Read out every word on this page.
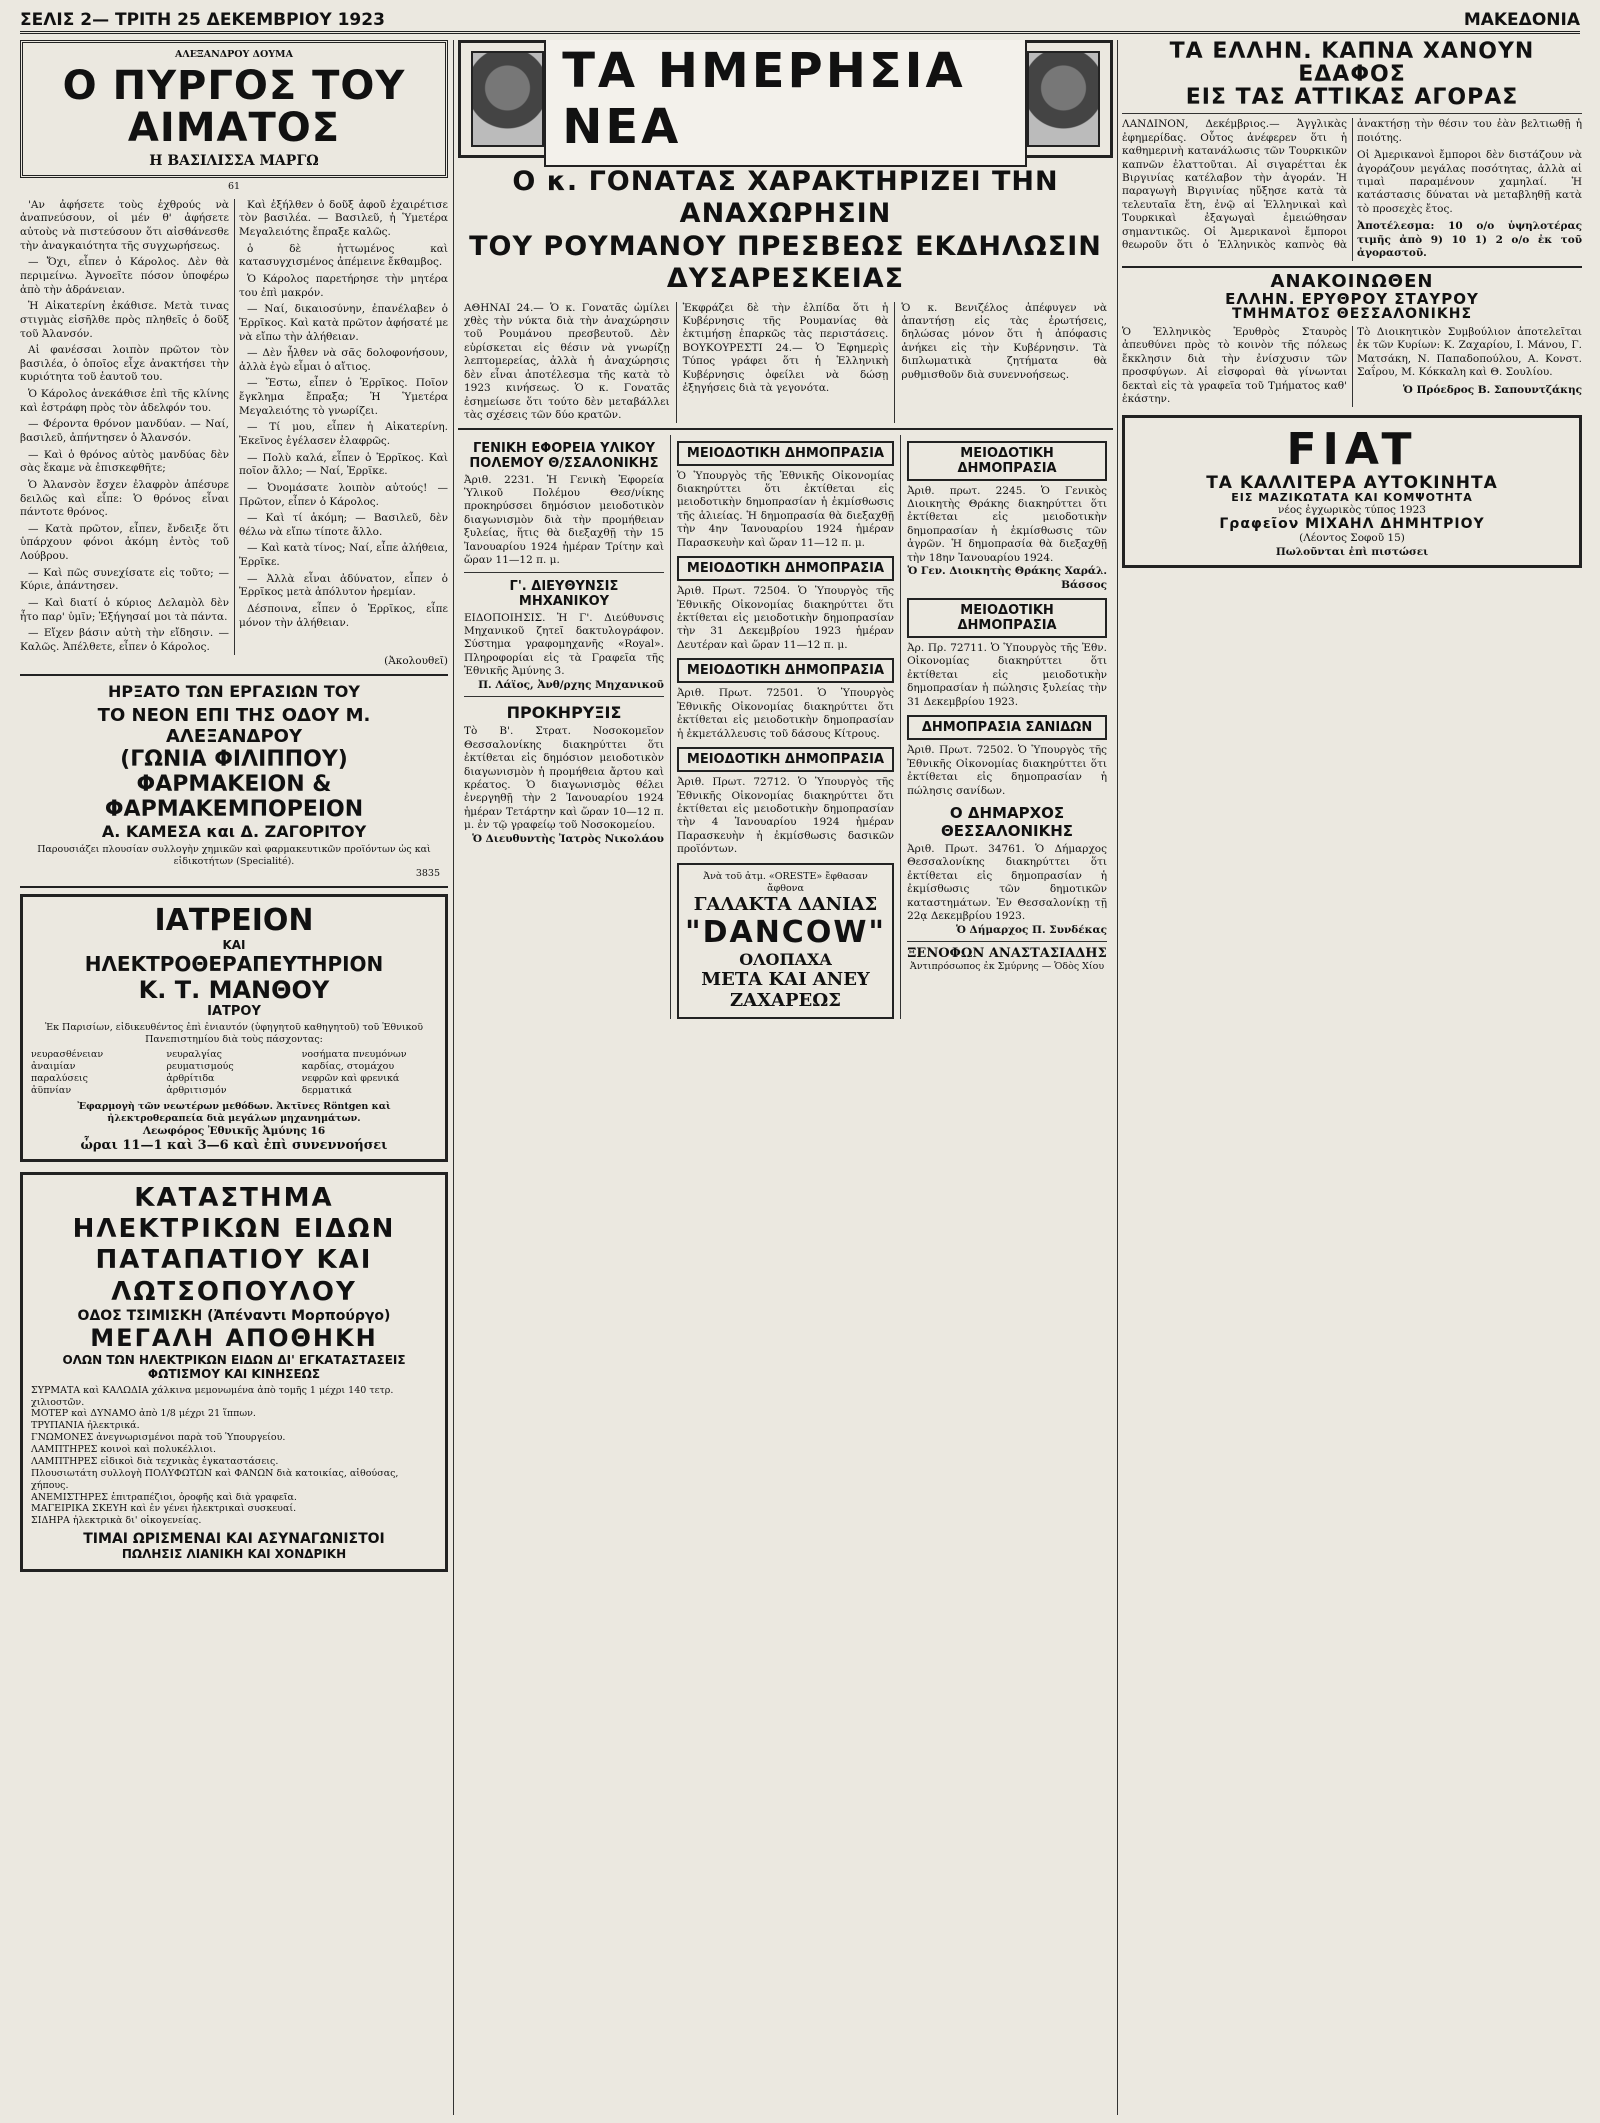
ΣΕΛΙΣ 2— ΤΡΙΤΗ 25 ΔΕΚΕΜΒΡΙΟΥ 1923	ΜΑΚΕΔΟΝΙΑ
ΑΛΕΞΑΝΔΡΟΥ ΔΟΥΜΑ
Ο ΠΥΡΓΟΣ ΤΟΥ ΑΙΜΑΤΟΣ
Η ΒΑΣΙΛΙΣΣΑ ΜΑΡΓΩ
61

'Αν ἀφήσετε τοὺς ἐχθρούς νὰ ἀναπνεύσουν, οἱ μέν θ' ἀφήσετε αὐτοὺς νὰ πιστεύσουν ὅτι αἰσθάνεσθε τὴν ἀναγκαιότητα τῆς συγχωρήσεως.

— Ὄχι, εἶπεν ὁ Κάρολος. Δὲν θὰ περιμείνω. Ἀγνοεῖτε πόσον ὑποφέρω ἀπὸ τὴν ἀδράνειαν.

Ἡ Αἰκατερίνη ἐκάθισε. Μετὰ τινας στιγμὰς εἰσῆλθε πρὸς πληθεῖς ὁ δοῦξ τοῦ Ἀλανσόν.

Αἱ φανέσσαι λοιπὸν πρῶτον τὸν βασιλέα, ὁ ὁποῖος εἶχε ἀνακτήσει τὴν κυριότητα τοῦ ἑαυτοῦ του.

Ὁ Κάρολος ἀνεκάθισε ἐπὶ τῆς κλίνης καὶ ἐστράφη πρὸς τὸν ἀδελφόν του.

— Φέροντα θρόνον μανδύαν. — Ναί, βασιλεῦ, ἀπήντησεν ὁ Ἀλανσόν.

— Καὶ ὁ θρόνος αὐτὸς μανδύας δὲν σὰς ἔκαμε νὰ ἐπισκεφθῆτε;

Ὁ Ἀλανσὸν ἔσχεν ἐλαφρὸν ἀπέσυρε δειλῶς καὶ εἶπε: Ὁ θρόνος εἶναι πάντοτε θρόνος.

— Κατὰ πρῶτον, εἶπεν, ἔνδειξε ὅτι ὑπάρχουν φόνοι ἀκόμη ἐντὸς τοῦ Λούβρου.

— Καὶ πῶς συνεχίσατε εἰς τοῦτο; — Κύριε, ἀπάντησεν.

— Καὶ διατί ὁ κύριος Δελαμὸλ δὲν ἦτο παρ' ὑμῖν; Ἐξήγησαί μοι τὰ πάντα.

— Εἴχεν βάσιν αὐτὴ τὴν εἴδησιν. — Καλῶς. Ἀπέλθετε, εἶπεν ὁ Κάρολος.

Καὶ ἐξήλθεν ὁ δοῦξ ἀφοῦ ἐχαιρέτισε τὸν βασιλέα. — Βασιλεῦ, ἡ Ὑμετέρα Μεγαλειότης ἔπραξε καλῶς.

ὁ δὲ ἡττωμένος καὶ κατασυγχισμένος ἀπέμεινε ἔκθαμβος.

Ὁ Κάρολος παρετήρησε τὴν μητέρα του ἐπὶ μακρόν.

— Ναί, δικαιοσύνην, ἐπανέλαβεν ὁ Ἐρρῖκος. Καὶ κατὰ πρῶτον ἀφήσατέ με νὰ εἴπω τὴν ἀλήθειαν.

— Δὲν ἦλθεν νὰ σᾶς δολοφονήσουν, ἀλλὰ ἐγὼ εἶμαι ὁ αἴτιος.

— Ἔστω, εἶπεν ὁ Ἐρρῖκος. Ποῖον ἔγκλημα ἔπραξα; Ἡ Ὑμετέρα Μεγαλειότης τὸ γνωρίζει.

— Τί μου, εἶπεν ἡ Αἰκατερίνη. Ἐκεῖνος ἐγέλασεν ἐλαφρῶς.

— Πολὺ καλά, εἶπεν ὁ Ἐρρῖκος. Καὶ ποῖον ἄλλο; — Ναί, Ἐρρῖκε.

— Ὀνομάσατε λοιπὸν αὐτούς! — Πρῶτον, εἶπεν ὁ Κάρολος.

— Καὶ τί ἀκόμη; — Βασιλεῦ, δὲν θέλω νὰ εἴπω τίποτε ἄλλο.

— Καὶ κατὰ τίνος; Ναί, εἶπε ἀλήθεια, Ἐρρῖκε.

— Ἀλλὰ εἶναι ἀδύνατον, εἶπεν ὁ Ἐρρῖκος μετὰ ἀπόλυτον ἠρεμίαν.

Δέσποινα, εἶπεν ὁ Ἐρρῖκος, εἶπε μόνον τὴν ἀλήθειαν.

(Ἀκολουθεῖ)
ΗΡΞΑΤΟ ΤΩΝ ΕΡΓΑΣΙΩΝ ΤΟΥ
ΤΟ ΝΕΟΝ ΕΠΙ ΤΗΣ ΟΔΟΥ Μ. ΑΛΕΞΑΝΔΡΟΥ
(ΓΩΝΙΑ ΦΙΛΙΠΠΟΥ)
ΦΑΡΜΑΚΕΙΟΝ & ΦΑΡΜΑΚΕΜΠΟΡΕΙΟΝ
Α. ΚΑΜΕΣΑ και Δ. ΖΑΓΟΡΙΤΟΥ
Παρουσιάζει πλουσίαν συλλογὴν χημικῶν καὶ φαρμακευτικῶν προϊόντων ὡς καὶ εἰδικοτήτων (Specialité).
3835
ΙΑΤΡΕΙΟΝ
ΚΑΙ
ΗΛΕΚΤΡΟΘΕΡΑΠΕΥΤΗΡΙΟΝ
Κ. Τ. ΜΑΝΘΟΥ
ΙΑΤΡΟΥ
Ἐκ Παρισίων, εἰδικευθέντος ἐπὶ ἐνιαυτόν (ὑφηγητοῦ καθηγητοῦ) τοῦ Ἐθνικοῦ Πανεπιστημίου διὰ τοὺς πάσχοντας:
νευρασθένειαν	νευραλγίας	νοσήματα πνευμόνων
ἀναιμίαν	ρευματισμούς	καρδίας, στομάχου
παραλύσεις	ἀρθρίτιδα	νεφρῶν καὶ φρενικά
ἀϋπνίαν	ἀρθριτισμόν	δερματικά
Ἐφαρμογὴ τῶν νεωτέρων μεθόδων. Ἀκτῖνες Röntgen καὶ ἠλεκτροθεραπεία διὰ μεγάλων μηχανημάτων.
Λεωφόρος Ἐθνικῆς Ἀμύνης 16
ὧραι 11—1 καὶ 3—6 καὶ ἐπὶ συνεννοήσει
ΚΑΤΑΣΤΗΜΑ ΗΛΕΚΤΡΙΚΩΝ ΕΙΔΩΝ
ΠΑΤΑΠΑΤΙΟΥ ΚΑΙ ΛΩΤΣΟΠΟΥΛΟΥ
ΟΔΟΣ ΤΣΙΜΙΣΚΗ (Ἀπέναντι Μορπούργο)
ΜΕΓΑΛΗ ΑΠΟΘΗΚΗ
ΟΛΩΝ ΤΩΝ ΗΛΕΚΤΡΙΚΩΝ ΕΙΔΩΝ ΔΙ' ΕΓΚΑΤΑΣΤΑΣΕΙΣ ΦΩΤΙΣΜΟΥ ΚΑΙ ΚΙΝΗΣΕΩΣ
ΣΥΡΜΑΤΑ καὶ ΚΑΛΩΔΙΑ χάλκινα μεμονωμένα ἀπὸ τομῆς 1 μέχρι 140 τετρ. χιλιοστῶν.
ΜΟΤΕΡ καὶ ΔΥΝΑΜΟ ἀπὸ 1/8 μέχρι 21 ἵππων.
ΤΡΥΠΑΝΙΑ ἠλεκτρικά.
ΓΝΩΜΟΝΕΣ ἀνεγνωρισμένοι παρὰ τοῦ Ὑπουργείου.
ΛΑΜΠΤΗΡΕΣ κοινοὶ καὶ πολυκέλλιοι.
ΛΑΜΠΤΗΡΕΣ εἰδικοὶ διὰ τεχνικὰς ἐγκαταστάσεις.
Πλουσιωτάτη συλλογὴ ΠΟΛΥΦΩΤΩΝ καὶ ΦΑΝΩΝ διὰ κατοικίας, αἰθούσας, χήπους.
ΑΝΕΜΙΣΤΗΡΕΣ ἐπιτραπέζιοι, ὀροφῆς καὶ διὰ γραφεῖα.
ΜΑΓΕΙΡΙΚΑ ΣΚΕΥΗ καὶ ἐν γένει ἠλεκτρικαὶ συσκευαί.
ΣΙΔΗΡΑ ἠλεκτρικὰ δι' οἰκογενείας.
ΤΙΜΑΙ ΩΡΙΣΜΕΝΑΙ ΚΑΙ ΑΣΥΝΑΓΩΝΙΣΤΟΙ
ΠΩΛΗΣΙΣ ΛΙΑΝΙΚΗ ΚΑΙ ΧΟΝΔΡΙΚΗ
ΤΑ ΗΜΕΡΗΣΙΑ ΝΕΑ
Ο κ. ΓΟΝΑΤΑΣ ΧΑΡΑΚΤΗΡΙΖΕΙ ΤΗΝ ΑΝΑΧΩΡΗΣΙΝ
ΤΟΥ ΡΟΥΜΑΝΟΥ ΠΡΕΣΒΕΩΣ ΕΚΔΗΛΩΣΙΝ ΔΥΣΑΡΕΣΚΕΙΑΣ
ΑΘΗΝΑΙ 24.— Ὁ κ. Γονατᾶς ὡμίλει χθὲς τὴν νύκτα διὰ τὴν ἀναχώρησιν τοῦ Ρουμάνου πρεσβευτοῦ. Δὲν εὑρίσκεται εἰς θέσιν νὰ γνωρίζῃ λεπτομερείας, ἀλλὰ ἡ ἀναχώρησις δὲν εἶναι ἀποτέλεσμα τῆς κατὰ τὸ 1923 κινήσεως. Ὁ κ. Γονατᾶς ἐσημείωσε ὅτι τούτο δὲν μεταβάλλει τὰς σχέσεις τῶν δύο κρατῶν.
Ἐκφράζει δὲ τὴν ἐλπίδα ὅτι ἡ Κυβέρνησις τῆς Ρουμανίας θὰ ἐκτιμήσῃ ἐπαρκῶς τὰς περιστάσεις. ΒΟΥΚΟΥΡΕΣΤΙ 24.— Ὁ Ἐφημερὶς Τύπος γράφει ὅτι ἡ Ἑλληνικὴ Κυβέρνησις ὀφείλει νὰ δώσῃ ἐξηγήσεις διὰ τὰ γεγονότα.
Ὁ κ. Βενιζέλος ἀπέφυγεν νὰ ἀπαντήσῃ εἰς τὰς ἐρωτήσεις, δηλώσας μόνον ὅτι ἡ ἀπόφασις ἀνήκει εἰς τὴν Κυβέρνησιν. Τὰ διπλωματικὰ ζητήματα θὰ ρυθμισθοῦν διὰ συνεννοήσεως.
ΓΕΝΙΚΗ ΕΦΟΡΕΙΑ ΥΛΙΚΟΥ ΠΟΛΕΜΟΥ Θ/ΣΣΑΛΟΝΙΚΗΣ
Ἀριθ. 2231. Ἡ Γενικὴ Ἐφορεία Ὑλικοῦ Πολέμου Θεσ/νίκης προκηρύσσει δημόσιον μειοδοτικὸν διαγωνισμὸν διὰ τὴν προμήθειαν ξυλείας, ἥτις θὰ διεξαχθῇ τὴν 15 Ἰανουαρίου 1924 ἡμέραν Τρίτην καὶ ὥραν 11—12 π. μ.
Γ'. ΔΙΕΥΘΥΝΣΙΣ ΜΗΧΑΝΙΚΟΥ
ΕΙΔΟΠΟΙΗΣΙΣ. Ἡ Γ'. Διεύθυνσις Μηχανικοῦ ζητεῖ δακτυλογράφον. Σύστημα γραφομηχανῆς «Royal». Πληροφορίαι εἰς τὰ Γραφεῖα τῆς Ἐθνικῆς Ἀμύνης 3.
Π. Λάϊος, Ἀνθ/ρχης Μηχανικοῦ
ΠΡΟΚΗΡΥΞΙΣ
Τὸ Β'. Στρατ. Νοσοκομεῖον Θεσσαλονίκης διακηρύττει ὅτι ἐκτίθεται εἰς δημόσιον μειοδοτικὸν διαγωνισμὸν ἡ προμήθεια ἄρτου καὶ κρέατος. Ὁ διαγωνισμὸς θέλει ἐνεργηθῇ τὴν 2 Ἰανουαρίου 1924 ἡμέραν Τετάρτην καὶ ὥραν 10—12 π. μ. ἐν τῷ γραφείῳ τοῦ Νοσοκομείου.
Ὁ Διευθυντὴς Ἰατρὸς Νικολάου
ΜΕΙΟΔΟΤΙΚΗ ΔΗΜΟΠΡΑΣΙΑ
Ὁ Ὑπουργὸς τῆς Ἐθνικῆς Οἰκονομίας διακηρύττει ὅτι ἐκτίθεται εἰς μειοδοτικὴν δημοπρασίαν ἡ ἐκμίσθωσις τῆς ἁλιείας. Ἡ δημοπρασία θὰ διεξαχθῇ τὴν 4ην Ἰανουαρίου 1924 ἡμέραν Παρασκευὴν καὶ ὥραν 11—12 π. μ.
ΜΕΙΟΔΟΤΙΚΗ ΔΗΜΟΠΡΑΣΙΑ
Ἀριθ. Πρωτ. 72504. Ὁ Ὑπουργὸς τῆς Ἐθνικῆς Οἰκονομίας διακηρύττει ὅτι ἐκτίθεται εἰς μειοδοτικὴν δημοπρασίαν τὴν 31 Δεκεμβρίου 1923 ἡμέραν Δευτέραν καὶ ὥραν 11—12 π. μ.
ΜΕΙΟΔΟΤΙΚΗ ΔΗΜΟΠΡΑΣΙΑ
Ἀριθ. Πρωτ. 72501. Ὁ Ὑπουργὸς Ἐθνικῆς Οἰκονομίας διακηρύττει ὅτι ἐκτίθεται εἰς μειοδοτικὴν δημοπρασίαν ἡ ἐκμετάλλευσις τοῦ δάσους Κίτρους.
ΜΕΙΟΔΟΤΙΚΗ ΔΗΜΟΠΡΑΣΙΑ
Ἀριθ. Πρωτ. 72712. Ὁ Ὑπουργὸς τῆς Ἐθνικῆς Οἰκονομίας διακηρύττει ὅτι ἐκτίθεται εἰς μειοδοτικὴν δημοπρασίαν τὴν 4 Ἰανουαρίου 1924 ἡμέραν Παρασκευὴν ἡ ἐκμίσθωσις δασικῶν προϊόντων.
Ἀνὰ τοῦ ἀτμ. «ORESTE» ἔφθασαν ἄφθονα
ΓΑΛΑΚΤΑ ΔΑΝΙΑΣ
"DANCOW"
ΟΛΟΠΑΧΑ
ΜΕΤΑ ΚΑΙ ΑΝΕΥ
ΖΑΧΑΡΕΩΣ
ΜΕΙΟΔΟΤΙΚΗ ΔΗΜΟΠΡΑΣΙΑ
Ἀριθ. πρωτ. 2245. Ὁ Γενικὸς Διοικητὴς Θράκης διακηρύττει ὅτι ἐκτίθεται εἰς μειοδοτικὴν δημοπρασίαν ἡ ἐκμίσθωσις τῶν ἀγρῶν. Ἡ δημοπρασία θὰ διεξαχθῇ τὴν 18ην Ἰανουαρίου 1924.
Ὁ Γεν. Διοικητὴς Θράκης Χαράλ. Βάσσος
ΜΕΙΟΔΟΤΙΚΗ ΔΗΜΟΠΡΑΣΙΑ
Ἀρ. Πρ. 72711. Ὁ Ὑπουργὸς τῆς Ἐθν. Οἰκονομίας διακηρύττει ὅτι ἐκτίθεται εἰς μειοδοτικὴν δημοπρασίαν ἡ πώλησις ξυλείας τὴν 31 Δεκεμβρίου 1923.
ΔΗΜΟΠΡΑΣΙΑ ΣΑΝΙΔΩΝ
Ἀριθ. Πρωτ. 72502. Ὁ Ὑπουργὸς τῆς Ἐθνικῆς Οἰκονομίας διακηρύττει ὅτι ἐκτίθεται εἰς δημοπρασίαν ἡ πώλησις σανίδων.
Ο ΔΗΜΑΡΧΟΣ ΘΕΣΣΑΛΟΝΙΚΗΣ
Ἀριθ. Πρωτ. 34761. Ὁ Δήμαρχος Θεσσαλονίκης διακηρύττει ὅτι ἐκτίθεται εἰς δημοπρασίαν ἡ ἐκμίσθωσις τῶν δημοτικῶν καταστημάτων. Ἐν Θεσσαλονίκῃ τῇ 22ᾳ Δεκεμβρίου 1923.
Ὁ Δήμαρχος Π. Συνδέκας
ΞΕΝΟΦΩΝ ΑΝΑΣΤΑΣΙΑΔΗΣ
Ἀντιπρόσωπος ἐκ Σμύρνης — Ὁδὸς Χίου
ΤΑ ΕΛΛΗΝ. ΚΑΠΝΑ ΧΑΝΟΥΝ ΕΔΑΦΟΣ
ΕΙΣ ΤΑΣ ΑΤΤΙΚΑΣ ΑΓΟΡΑΣ

ΛΑΝΔΙΝΟΝ, Δεκέμβριος.— Ἀγγλικὰς ἐφημερίδας. Οὗτος ἀνέφερεν ὅτι ἡ καθημερινὴ κατανάλωσις τῶν Τουρκικῶν καπνῶν ἐλαττοῦται. Αἱ σιγαρέτται ἐκ Βιργινίας κατέλαβον τὴν ἀγοράν. Ἡ παραγωγὴ Βιργινίας ηὔξησε κατὰ τὰ τελευταῖα ἔτη, ἐνῷ αἱ Ἑλληνικαὶ καὶ Τουρκικαὶ ἐξαγωγαὶ ἐμειώθησαν σημαντικῶς. Οἱ Ἀμερικανοὶ ἔμποροι θεωροῦν ὅτι ὁ Ἑλληνικὸς καπνὸς θὰ ἀνακτήσῃ τὴν θέσιν του ἐὰν βελτιωθῇ ἡ ποιότης.

Οἱ Ἀμερικανοὶ ἔμποροι δὲν διστάζουν νὰ ἀγοράζουν μεγάλας ποσότητας, ἀλλὰ αἱ τιμαὶ παραμένουν χαμηλαί. Ἡ κατάστασις δύναται νὰ μεταβληθῇ κατὰ τὸ προσεχὲς ἔτος.

Ἀποτέλεσμα: 10 ο/ο ὑψηλοτέρας τιμῆς ἀπὸ 9) 10 1) 2 ο/ο ἐκ τοῦ ἀγοραστοῦ.

ΑΝΑΚΟΙΝΩΘΕΝ
ΕΛΛΗΝ. ΕΡΥΘΡΟΥ ΣΤΑΥΡΟΥ
ΤΜΗΜΑΤΟΣ ΘΕΣΣΑΛΟΝΙΚΗΣ

Ὁ Ἑλληνικὸς Ἐρυθρὸς Σταυρὸς ἀπευθύνει πρὸς τὸ κοινὸν τῆς πόλεως ἔκκλησιν διὰ τὴν ἐνίσχυσιν τῶν προσφύγων. Αἱ εἰσφοραὶ θὰ γίνωνται δεκταὶ εἰς τὰ γραφεῖα τοῦ Τμήματος καθ' ἑκάστην.

Τὸ Διοικητικὸν Συμβούλιον ἀποτελεῖται ἐκ τῶν Κυρίων: Κ. Ζαχαρίου, Ι. Μάνου, Γ. Ματσάκη, Ν. Παπαδοπούλου, Α. Κονστ. Σαΐρου, Μ. Κόκκαλη καὶ Θ. Σουλίου.

Ὁ Πρόεδρος Β. Σαπουντζάκης

FIAT
ΤΑ ΚΑΛΛΙΤΕΡΑ ΑΥΤΟΚΙΝΗΤΑ
ΕΙΣ ΜΑΖΙΚΩΤΑΤΑ ΚΑΙ ΚΟΜΨΟΤΗΤΑ
νέος ἐγχωρικὸς τύπος 1923
Γραφεῖον ΜΙΧΑΗΛ ΔΗΜΗΤΡΙΟΥ
(Λέοντος Σοφοῦ 15)
Πωλοῦνται ἐπὶ πιστώσει
